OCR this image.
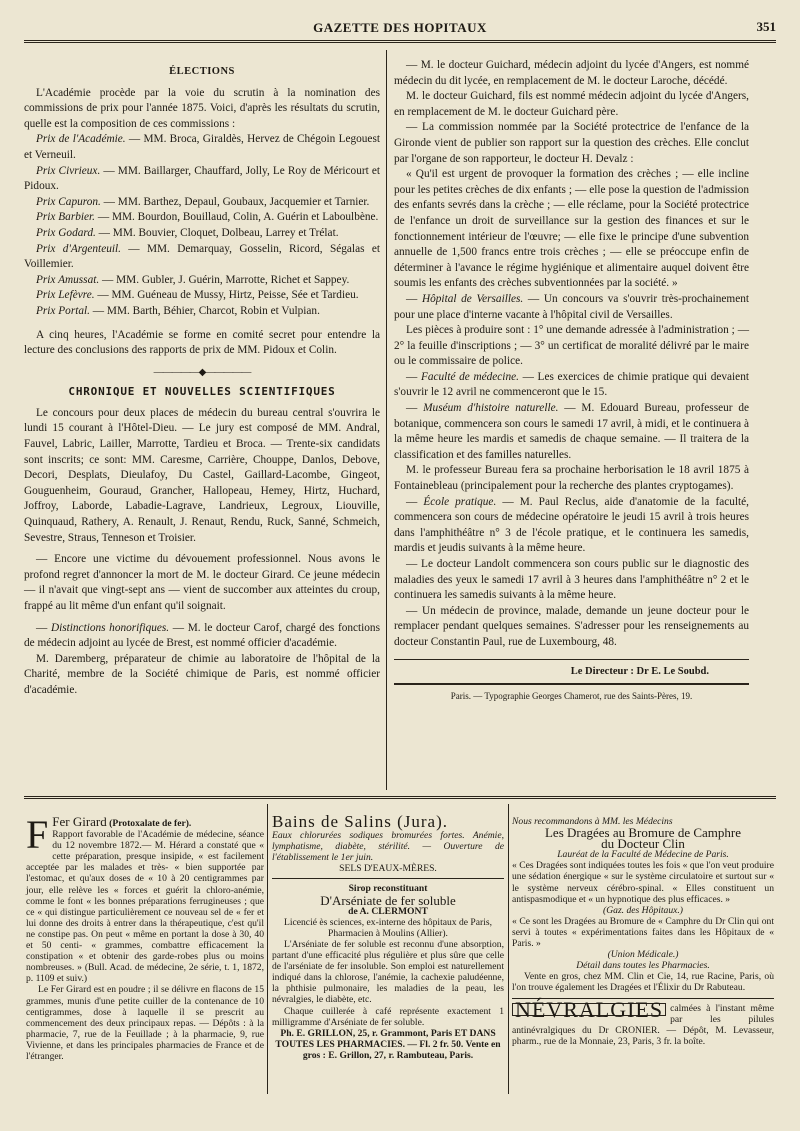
GAZETTE DES HOPITAUX	351
ÉLECTIONS

L'Académie procède par la voie du scrutin à la nomination des commissions de prix pour l'année 1875. Voici, d'après les résultats du scrutin, quelle est la composition de ces commissions :

Prix de l'Académie. — MM. Broca, Giraldès, Hervez de Chégoin Legouest et Verneuil.

Prix Civrieux. — MM. Baillarger, Chauffard, Jolly, Le Roy de Méricourt et Pidoux.

Prix Capuron. — MM. Barthez, Depaul, Goubaux, Jacquemier et Tarnier.

Prix Barbier. — MM. Bourdon, Bouillaud, Colin, A. Guérin et Laboulbène.

Prix Godard. — MM. Bouvier, Cloquet, Dolbeau, Larrey et Trélat.

Prix d'Argenteuil. — MM. Demarquay, Gosselin, Ricord, Ségalas et Voillemier.

Prix Amussat. — MM. Gubler, J. Guérin, Marrotte, Richet et Sappey.

Prix Lefèvre. — MM. Guéneau de Mussy, Hirtz, Peisse, Sée et Tardieu.

Prix Portal. — MM. Barth, Béhier, Charcot, Robin et Vulpian.

A cinq heures, l'Académie se forme en comité secret pour entendre la lecture des conclusions des rapports de prix de MM. Pidoux et Colin.

—————◆—————
CHRONIQUE ET NOUVELLES SCIENTIFIQUES

Le concours pour deux places de médecin du bureau central s'ouvrira le lundi 15 courant à l'Hôtel-Dieu. — Le jury est composé de MM. Andral, Fauvel, Labric, Lailler, Marrotte, Tardieu et Broca. — Trente-six candidats sont inscrits; ce sont: MM. Caresme, Carrière, Chouppe, Danlos, Debove, Decori, Desplats, Dieulafoy, Du Castel, Gaillard-Lacombe, Gingeot, Gouguenheim, Gouraud, Grancher, Hallopeau, Hemey, Hirtz, Huchard, Joffroy, Laborde, Labadie-Lagrave, Landrieux, Legroux, Liouville, Quinquaud, Rathery, A. Renault, J. Renaut, Rendu, Ruck, Sanné, Schmeich, Sevestre, Straus, Tenneson et Troisier.

— Encore une victime du dévouement professionnel. Nous avons le profond regret d'annoncer la mort de M. le docteur Girard. Ce jeune médecin — il n'avait que vingt-sept ans — vient de succomber aux atteintes du croup, frappé au lit même d'un enfant qu'il soignait.

— Distinctions honorifiques. — M. le docteur Carof, chargé des fonctions de médecin adjoint au lycée de Brest, est nommé officier d'académie.

M. Daremberg, préparateur de chimie au laboratoire de l'hôpital de la Charité, membre de la Société chimique de Paris, est nommé officier d'académie.

— M. le docteur Guichard, médecin adjoint du lycée d'Angers, est nommé médecin du dit lycée, en remplacement de M. le docteur Laroche, décédé.

M. le docteur Guichard, fils est nommé médecin adjoint du lycée d'Angers, en remplacement de M. le docteur Guichard père.

— La commission nommée par la Société protectrice de l'enfance de la Gironde vient de publier son rapport sur la question des crèches. Elle conclut par l'organe de son rapporteur, le docteur H. Devalz :

« Qu'il est urgent de provoquer la formation des crèches ; — elle incline pour les petites crèches de dix enfants ; — elle pose la question de l'admission des enfants sevrés dans la crèche ; — elle réclame, pour la Société protectrice de l'enfance un droit de surveillance sur la gestion des finances et sur le fonctionnement intérieur de l'œuvre; — elle fixe le principe d'une subvention annuelle de 1,500 francs entre trois crèches ; — elle se préoccupe enfin de déterminer à l'avance le régime hygiénique et alimentaire auquel doivent être soumis les enfants des crèches subventionnées par la société. »

— Hôpital de Versailles. — Un concours va s'ouvrir très-prochainement pour une place d'interne vacante à l'hôpital civil de Versailles.

Les pièces à produire sont : 1° une demande adressée à l'administration ; — 2° la feuille d'inscriptions ; — 3° un certificat de moralité délivré par le maire ou le commissaire de police.

— Faculté de médecine. — Les exercices de chimie pratique qui devaient s'ouvrir le 12 avril ne commenceront que le 15.

— Muséum d'histoire naturelle. — M. Edouard Bureau, professeur de botanique, commencera son cours le samedi 17 avril, à midi, et le continuera à la même heure les mardis et samedis de chaque semaine. — Il traitera de la classification et des familles naturelles.

M. le professeur Bureau fera sa prochaine herborisation le 18 avril 1875 à Fontainebleau (principalement pour la recherche des plantes cryptogames).

— École pratique. — M. Paul Reclus, aide d'anatomie de la faculté, commencera son cours de médecine opératoire le jeudi 15 avril à trois heures dans l'amphithéâtre n° 3 de l'école pratique, et le continuera les samedis, mardis et jeudis suivants à la même heure.

— Le docteur Landolt commencera son cours public sur le diagnostic des maladies des yeux le samedi 17 avril à 3 heures dans l'amphithéâtre n° 2 et le continuera les samedis suivants à la même heure.

— Un médecin de province, malade, demande un jeune docteur pour le remplacer pendant quelques semaines. S'adresser pour les renseignements au docteur Constantin Paul, rue de Luxembourg, 48.

Le Directeur : Dr E. Le Soubd.
Paris. — Typographie Georges Chamerot, rue des Saints-Pères, 19.
F Fer Girard (Protoxalate de fer).

Rapport favorable de l'Académie de médecine, séance du 12 novembre 1872.— M. Hérard a constaté que « cette préparation, presque insipide, « est facilement acceptée par les malades et très- « bien supportée par l'estomac, et qu'aux doses de « 10 à 20 centigrammes par jour, elle relève les « forces et guérit la chloro-anémie, comme le font « les bonnes préparations ferrugineuses ; que ce « qui distingue particulièrement ce nouveau sel de « fer et lui donne des droits à entrer dans la thérapeutique, c'est qu'il ne constipe pas. On peut « même en portant la dose à 30, 40 et 50 centi- « grammes, combattre efficacement la constipation « et obtenir des garde-robes plus ou moins nombreuses. » (Bull. Acad. de médecine, 2e série, t. 1, 1872, p. 1109 et suiv.)

Le Fer Girard est en poudre ; il se délivre en flacons de 15 grammes, munis d'une petite cuiller de la contenance de 10 centigrammes, dose à laquelle il se prescrit au commencement des deux principaux repas. — Dépôts : à la pharmacie, 7, rue de la Feuillade ; à la pharmacie, 9, rue Vivienne, et dans les principales pharmacies de France et de l'étranger.

Bains de Salins (Jura).

Eaux chlorurées sodiques bromurées fortes. Anémie, lymphatisme, diabète, stérilité. — Ouverture de l'établissement le 1er juin.

SELS D'EAUX-MÈRES.

Sirop reconstituant

D'Arséniate de fer soluble

de A. CLERMONT

Licencié ès sciences, ex-interne des hôpitaux de Paris, Pharmacien à Moulins (Allier).

L'Arséniate de fer soluble est reconnu d'une absorption, partant d'une efficacité plus régulière et plus sûre que celle de l'arséniate de fer insoluble. Son emploi est naturellement indiqué dans la chlorose, l'anémie, la cachexie paludéenne, la phthisie pulmonaire, les maladies de la peau, les névralgies, le diabète, etc.

Chaque cuillerée à café représente exactement 1 milligramme d'Arséniate de fer soluble.

Ph. E. GRILLON, 25, r. Grammont, Paris ET DANS TOUTES LES PHARMACIES. — Fl. 2 fr. 50. Vente en gros : E. Grillon, 27, r. Rambuteau, Paris.

Nous recommandons à MM. les Médecins

Les Dragées au Bromure de Camphre

du Docteur Clin

Lauréat de la Faculté de Médecine de Paris.

« Ces Dragées sont indiquées toutes les fois « que l'on veut produire une sédation énergique « sur le système circulatoire et surtout sur « le système nerveux cérébro-spinal. « Elles constituent un antispasmodique et « un hypnotique des plus efficaces. »

(Gaz. des Hôpitaux.)

« Ce sont les Dragées au Bromure de « Camphre du Dr Clin qui ont servi à toutes « expérimentations faites dans les Hôpitaux de « Paris. »

(Union Médicale.)

Détail dans toutes les Pharmacies.

Vente en gros, chez MM. Clin et Cie, 14, rue Racine, Paris, où l'on trouve également les Dragées et l'Élixir du Dr Rabuteau.

NÉVRALGIES calmées à l'instant même par les pilules antinévralgiques du Dr CRONIER. — Dépôt, M. Levasseur, pharm., rue de la Monnaie, 23, Paris, 3 fr. la boîte.
